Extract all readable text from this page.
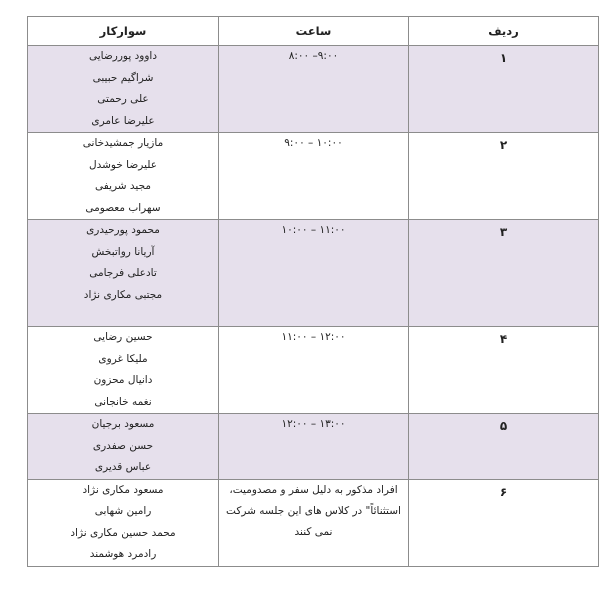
ردیف	ساعت	سوارکار
۱	۸:۰۰ –۹:۰۰	داوود پوررضایی
شراگیم حبیبی
علی رحمتی
علیرضا عامری

۲	۹:۰۰ – ۱۰:۰۰	مازیار جمشیدخانی
علیرضا خوشدل
مجید شریفی
سهراب معصومی

۳	۱۰:۰۰ – ۱۱:۰۰	محمود پورحیدری
آریانا رواتبخش
تادعلی فرجامی
مجتبی مکاری نژاد

۴	۱۱:۰۰ – ۱۲:۰۰	حسین رضایی
ملیکا غروی
دانیال محزون
نغمه خانجانی

۵	۱۲:۰۰ – ۱۳:۰۰	مسعود برجیان
حسن صفدری
عباس قدیری

۶	افراد مذکور به دلیل سفر و مصدومیت، استثنائاً" در کلاس های این جلسه شرکت نمی کنند	مسعود مکاری نژاد
رامین شهابی
محمد حسین مکاری نژاد
رادمرد هوشمند
